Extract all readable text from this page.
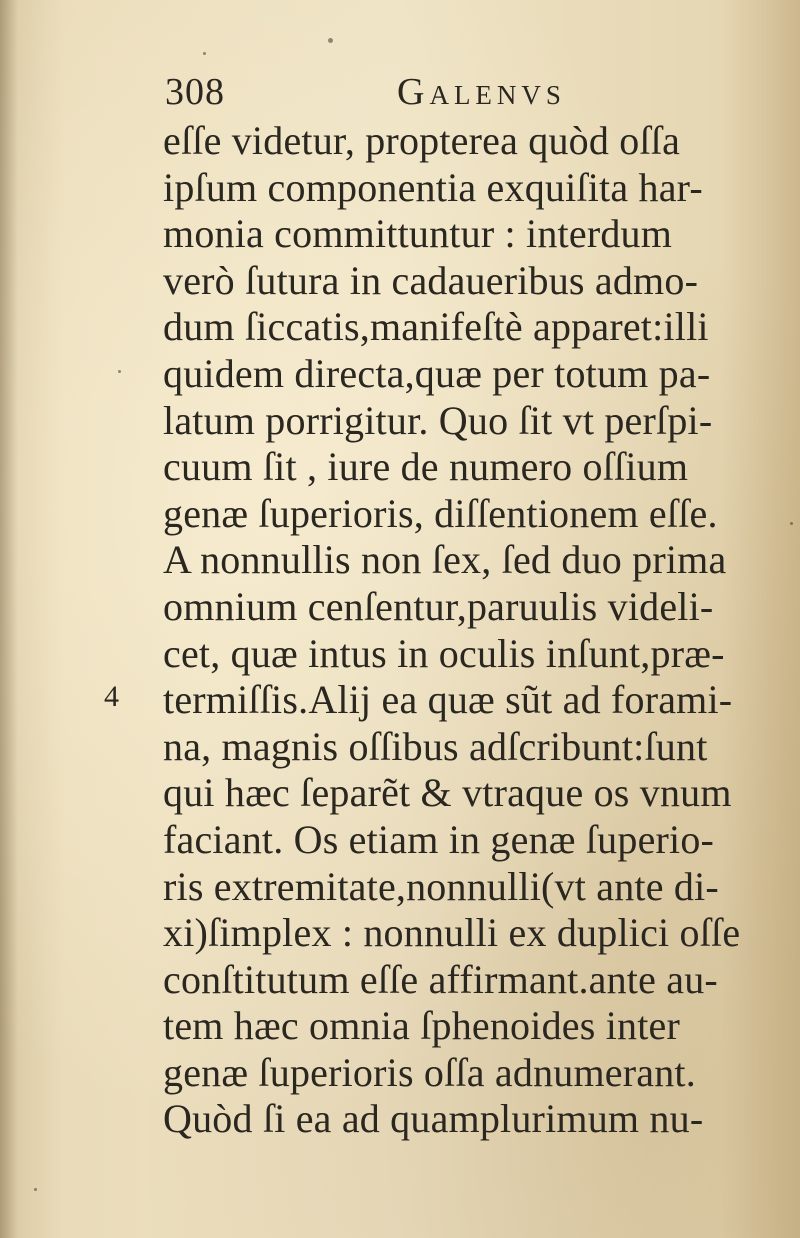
308	Galenvs
4
eſſe videtur, propterea quòd oſſa
ipſum componentia exquiſita har-
monia committuntur : interdum
verò ſutura in cadaueribus admo-
dum ſiccatis,manifeſtè apparet:illi
quidem directa,quæ per totum pa-
latum porrigitur. Quo ſit vt perſpi-
cuum ſit , iure de numero oſſium
genæ ſuperioris, diſſentionem eſſe.
A nonnullis non ſex, ſed duo prima
omnium cenſentur,paruulis videli-
cet, quæ intus in oculis inſunt,præ-
termiſſis.Alij ea quæ sũt ad forami-
na, magnis oſſibus adſcribunt:ſunt
qui hæc ſeparẽt & vtraque os vnum
faciant. Os etiam in genæ ſuperio-
ris extremitate,nonnulli(vt ante di-
xi)ſimplex : nonnulli ex duplici oſſe
conſtitutum eſſe affirmant.ante au-
tem hæc omnia ſphenoides inter
genæ ſuperioris oſſa adnumerant.
Quòd ſi ea ad quamplurimum nu-
